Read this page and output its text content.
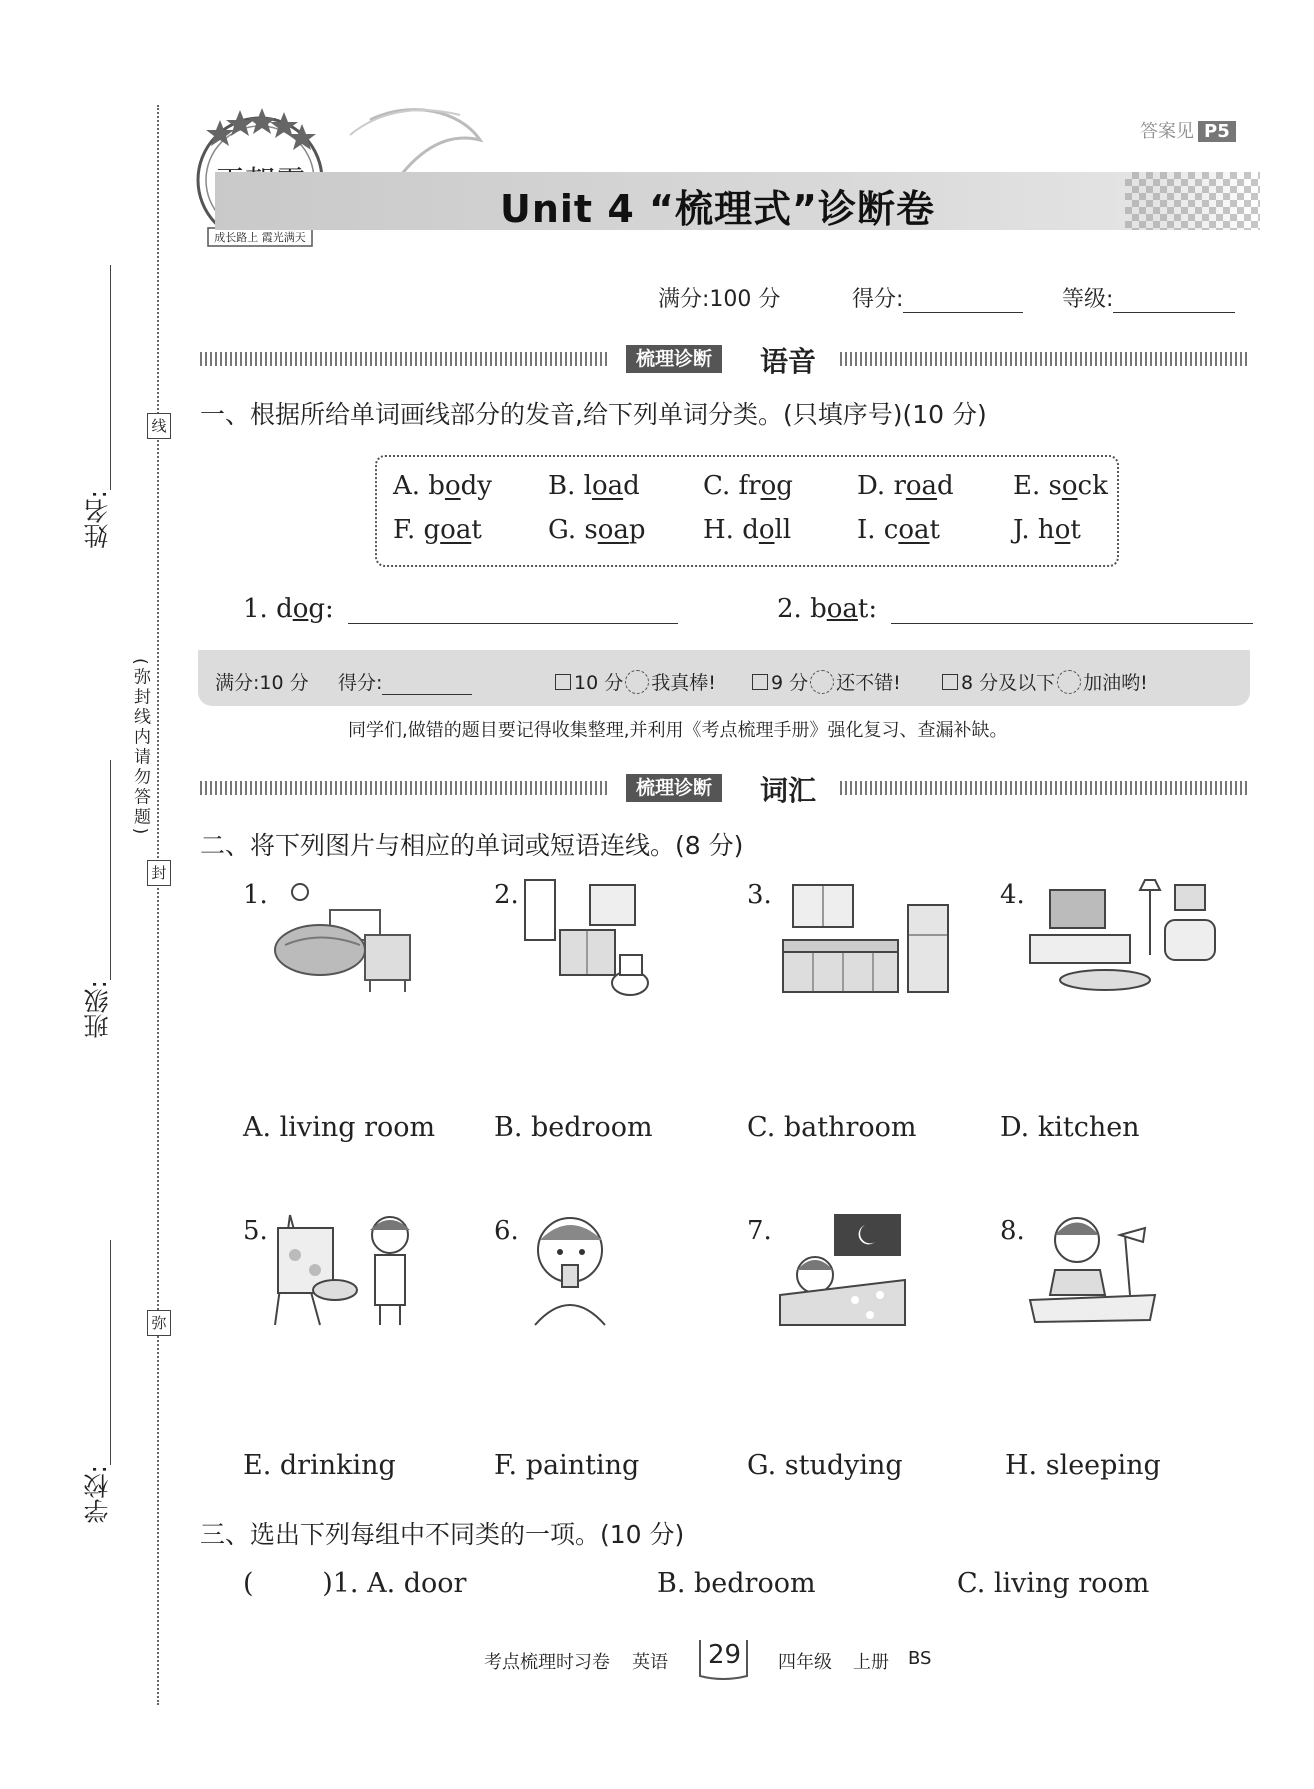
线
封
弥
(弥封线内请勿答题)
姓名:
班级:
学校:
答案见 P5
成长路上 霞光满天
Unit 4 “梳理式”诊断卷
满分:100 分	得分:	等级:
梳理诊断	语音
一、根据所给单词画线部分的发音,给下列单词分类。(只填序号)(10 分)
A. body B. load C. frog D. road E. sock
F. goat	G. soap H. doll	I. coat	J. hot
1. dog:	2. boat:
满分:10 分 得分:	10 分 我真棒!	9 分 还不错!	8 分及以下 加油哟!
同学们,做错的题目要记得收集整理,并利用《考点梳理手册》强化复习、查漏补缺。
梳理诊断	词汇
二、将下列图片与相应的单词或短语连线。(8 分)
1.	2.	3.	4.
5.	6.	7.	8.
A. living room B. bedroom	C. bathroom	D. kitchen
E. drinking	F. painting	G. studying	H. sleeping
三、选出下列每组中不同类的一项。(10 分)
(        )1. A. door	B. bedroom	C. living room
考点梳理时习卷 英语 29 四年级 上册 BS
